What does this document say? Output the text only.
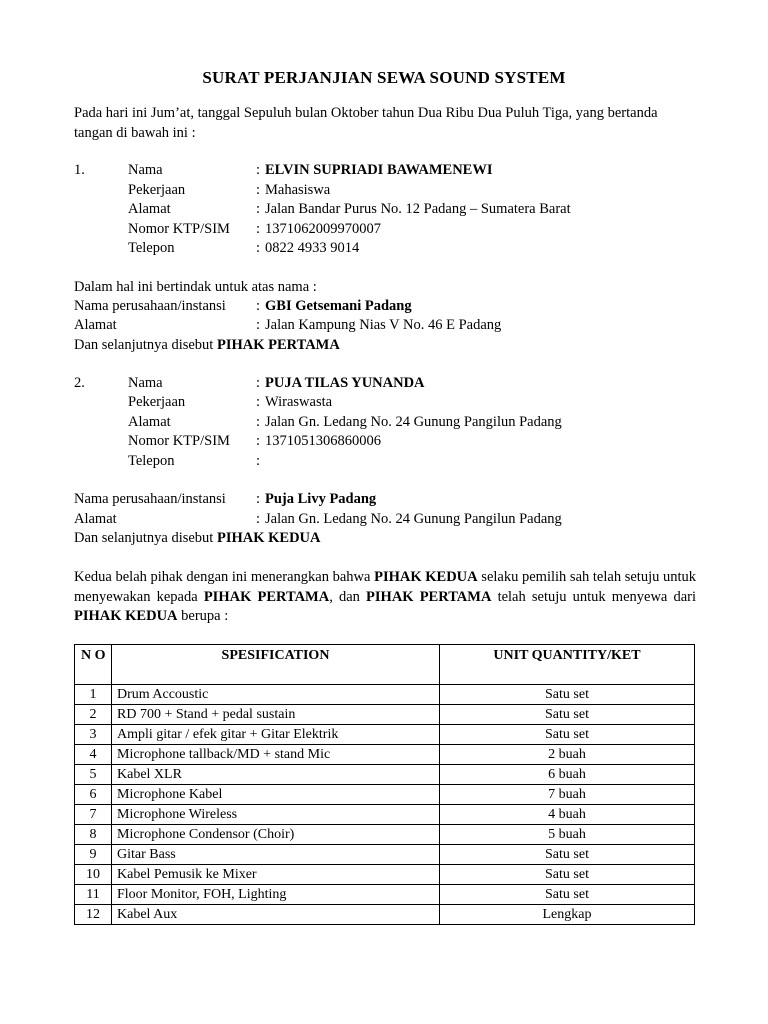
SURAT PERJANJIAN SEWA SOUND SYSTEM

Pada hari ini Jum’at, tanggal Sepuluh bulan Oktober tahun Dua Ribu Dua Puluh Tiga, yang bertanda tangan di bawah ini :

1.	Nama	: ELVIN SUPRIADI BAWAMENEWI
Pekerjaan	: Mahasiswa
Alamat	: Jalan Bandar Purus No. 12 Padang – Sumatera Barat
Nomor KTP/SIM : 1371062009970007
Telepon	: 0822 4933 9014
Dalam hal ini bertindak untuk atas nama :
Nama perusahaan/instansi : GBI Getsemani Padang
Alamat	: Jalan Kampung Nias V No. 46 E Padang
Dan selanjutnya disebut PIHAK PERTAMA
2.	Nama	: PUJA TILAS YUNANDA
Pekerjaan	: Wiraswasta
Alamat	: Jalan Gn. Ledang No. 24 Gunung Pangilun Padang
Nomor KTP/SIM : 1371051306860006
Telepon	:
Nama perusahaan/instansi : Puja Livy Padang
Alamat	: Jalan Gn. Ledang No. 24 Gunung Pangilun Padang
Dan selanjutnya disebut PIHAK KEDUA

Kedua belah pihak dengan ini menerangkan bahwa PIHAK KEDUA selaku pemilih sah telah setuju untuk menyewakan kepada PIHAK PERTAMA, dan PIHAK PERTAMA telah setuju untuk menyewa dari PIHAK KEDUA berupa :

N O	SPESIFICATION	UNIT QUANTITY/KET
1	Drum Accoustic	Satu set
2	RD 700 + Stand + pedal sustain	Satu set
3	Ampli gitar / efek gitar + Gitar Elektrik	Satu set
4	Microphone tallback/MD + stand Mic	2 buah
5	Kabel XLR	6 buah
6	Microphone Kabel	7 buah
7	Microphone Wireless	4 buah
8	Microphone Condensor (Choir)	5 buah
9	Gitar Bass	Satu set
10	Kabel Pemusik ke Mixer	Satu set
11	Floor Monitor, FOH, Lighting	Satu set
12	Kabel Aux	Lengkap
